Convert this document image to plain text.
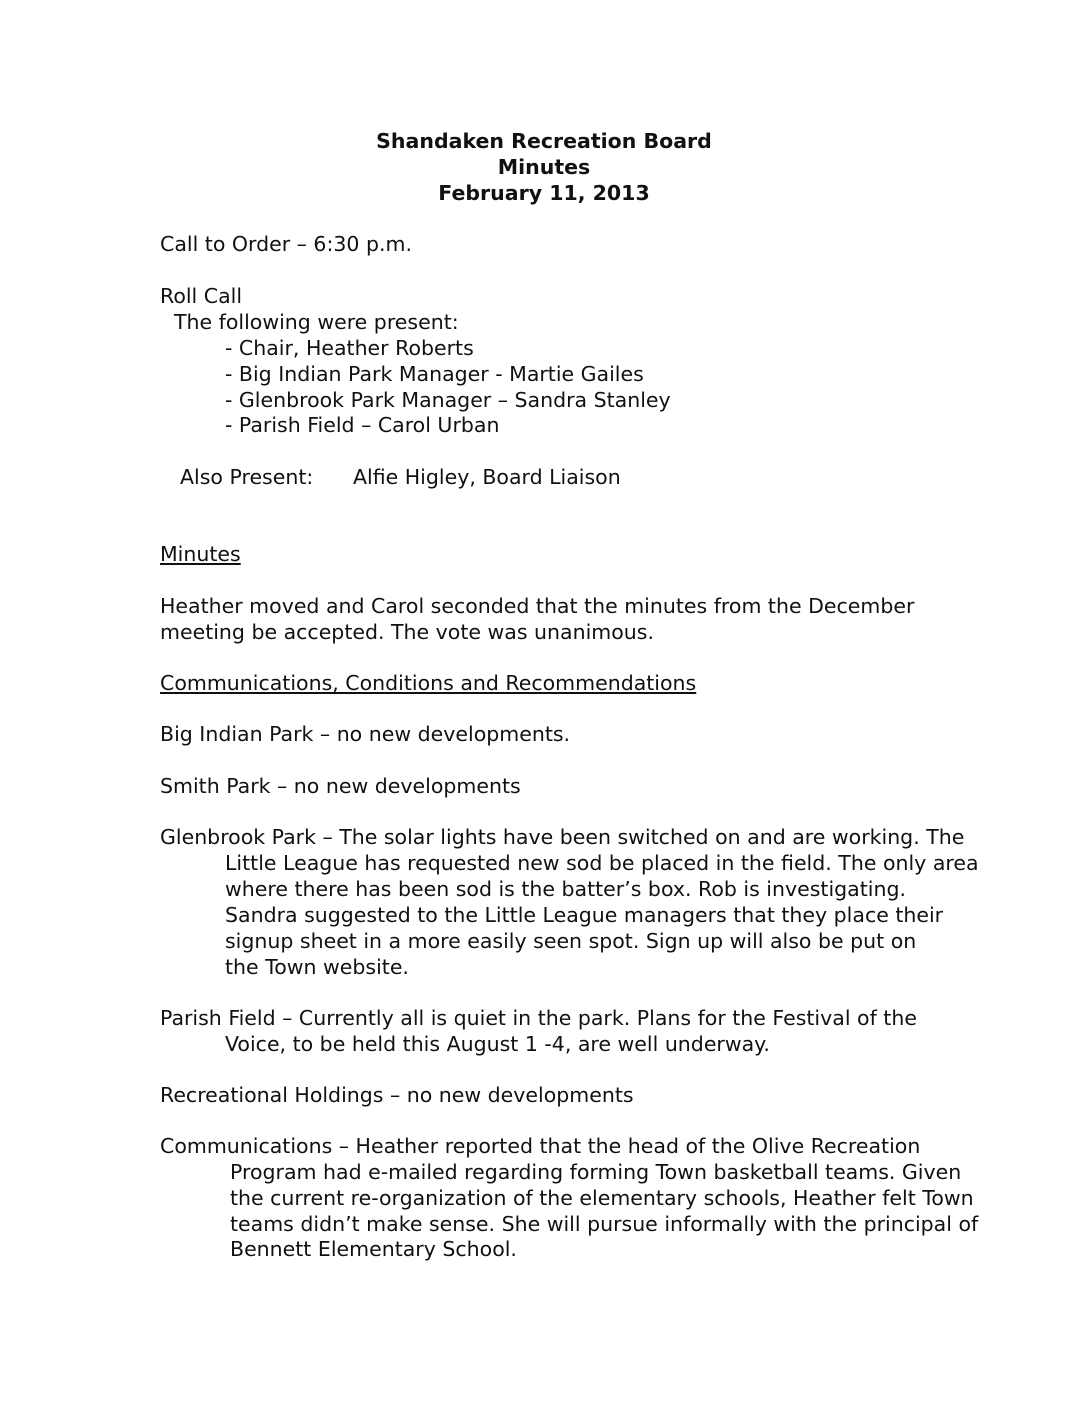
Shandaken Recreation Board
Minutes
February 11, 2013
Call to Order – 6:30 p.m.
Roll Call
The following were present:
- Chair, Heather Roberts
- Big Indian Park Manager - Martie Gailes
- Glenbrook Park Manager – Sandra Stanley
- Parish Field – Carol Urban
Also Present: Alfie Higley, Board Liaison
Minutes
Heather moved and Carol seconded that the minutes from the December
meeting be accepted. The vote was unanimous.
Communications, Conditions and Recommendations
Big Indian Park – no new developments.
Smith Park – no new developments
Glenbrook Park – The solar lights have been switched on and are working. The
Little League has requested new sod be placed in the field. The only area
where there has been sod is the batter’s box. Rob is investigating.
Sandra suggested to the Little League managers that they place their
signup sheet in a more easily seen spot. Sign up will also be put on
the Town website.
Parish Field – Currently all is quiet in the park. Plans for the Festival of the
Voice, to be held this August 1 -4, are well underway.
Recreational Holdings – no new developments
Communications – Heather reported that the head of the Olive Recreation
Program had e-mailed regarding forming Town basketball teams. Given
the current re-organization of the elementary schools, Heather felt Town
teams didn’t make sense. She will pursue informally with the principal of
Bennett Elementary School.
